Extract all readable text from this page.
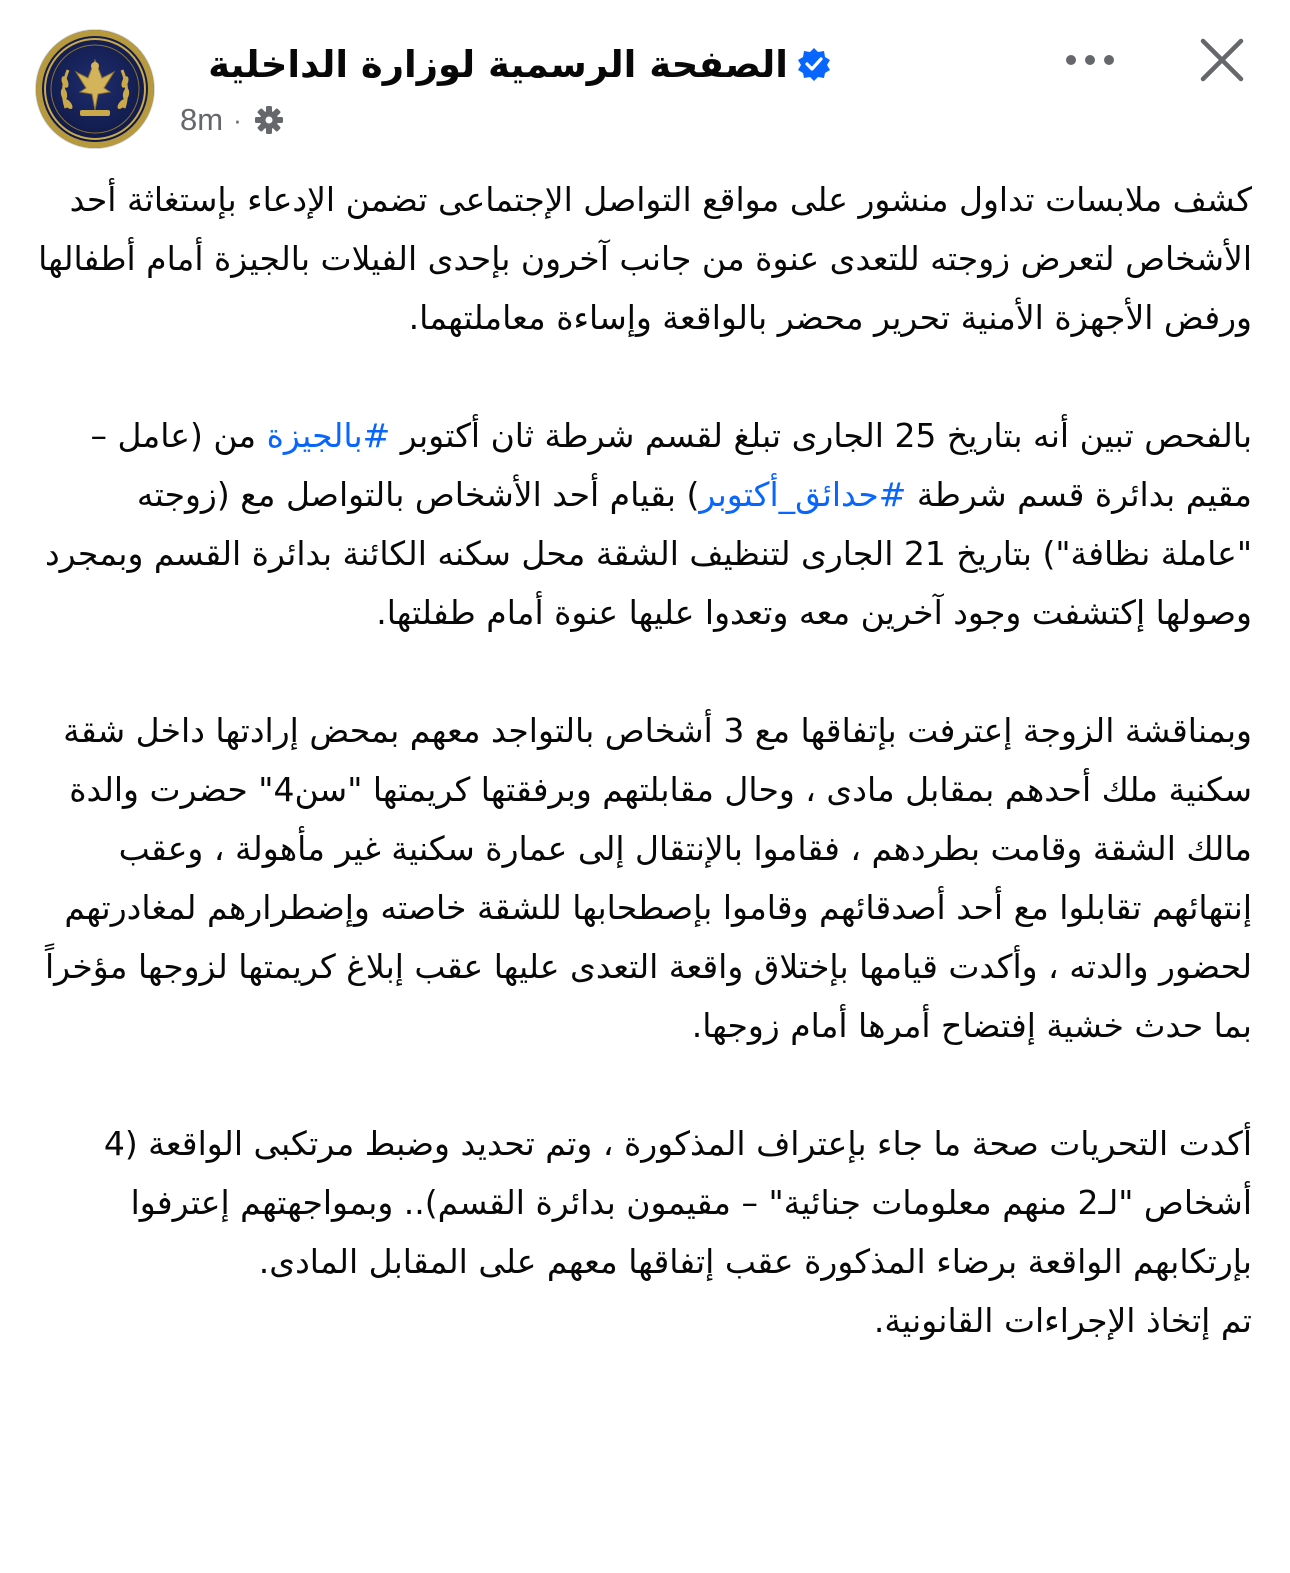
الصفحة الرسمية لوزارة الداخلية
8m ·

كشف ملابسات تداول منشور على مواقع التواصل الإجتماعى تضمن الإدعاء بإستغاثة أحد الأشخاص لتعرض زوجته للتعدى عنوة من جانب آخرون بإحدى الفيلات بالجيزة أمام أطفالها ورفض الأجهزة الأمنية تحرير محضر بالواقعة وإساءة معاملتهما.

بالفحص تبين أنه بتاريخ 25 الجارى تبلغ لقسم شرطة ثان أكتوبر #بالجيزة من (عامل – مقيم بدائرة قسم شرطة #حدائق_أكتوبر) بقيام أحد الأشخاص بالتواصل مع (زوجته "عاملة نظافة") بتاريخ 21 الجارى لتنظيف الشقة محل سكنه الكائنة بدائرة القسم وبمجرد وصولها إكتشفت وجود آخرين معه وتعدوا عليها عنوة أمام طفلتها.

وبمناقشة الزوجة إعترفت بإتفاقها مع 3 أشخاص بالتواجد معهم بمحض إرادتها داخل شقة سكنية ملك أحدهم بمقابل مادى ، وحال مقابلتهم وبرفقتها كريمتها "سن4" حضرت والدة مالك الشقة وقامت بطردهم ، فقاموا بالإنتقال إلى عمارة سكنية غير مأهولة ، وعقب إنتهائهم تقابلوا مع أحد أصدقائهم وقاموا بإصطحابها للشقة خاصته وإضطرارهم لمغادرتهم لحضور والدته ، وأكدت قيامها بإختلاق واقعة التعدى عليها عقب إبلاغ كريمتها لزوجها مؤخراً بما حدث خشية إفتضاح أمرها أمام زوجها.

أكدت التحريات صحة ما جاء بإعتراف المذكورة ، وتم تحديد وضبط مرتكبى الواقعة (4 أشخاص "لـ2 منهم معلومات جنائية" – مقيمون بدائرة القسم).. وبمواجهتهم إعترفوا بإرتكابهم الواقعة برضاء المذكورة عقب إتفاقها معهم على المقابل المادى.

تم إتخاذ الإجراءات القانونية.
